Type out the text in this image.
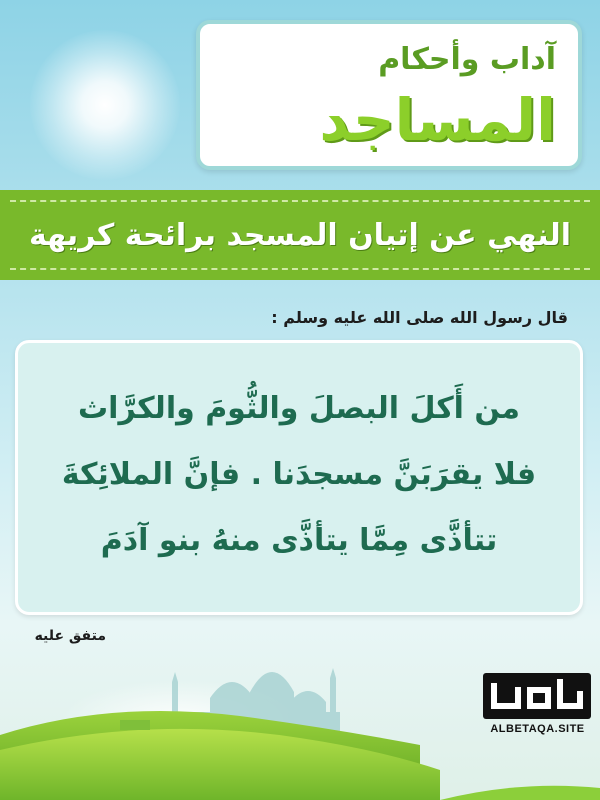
آداب وأحكام

المساجد

النهي عن إتيان المسجد برائحة كريهة

قال رسول الله صلى الله عليه وسلم :

من أَكلَ البصلَ والثُّومَ والكرَّاث

فلا يقرَبَنَّ مسجدَنا . فإنَّ الملائِكةَ

تتأذَّى مِمَّا يتأذَّى منهُ بنو آدَمَ

متفق عليه

ALBETAQA.SITE
